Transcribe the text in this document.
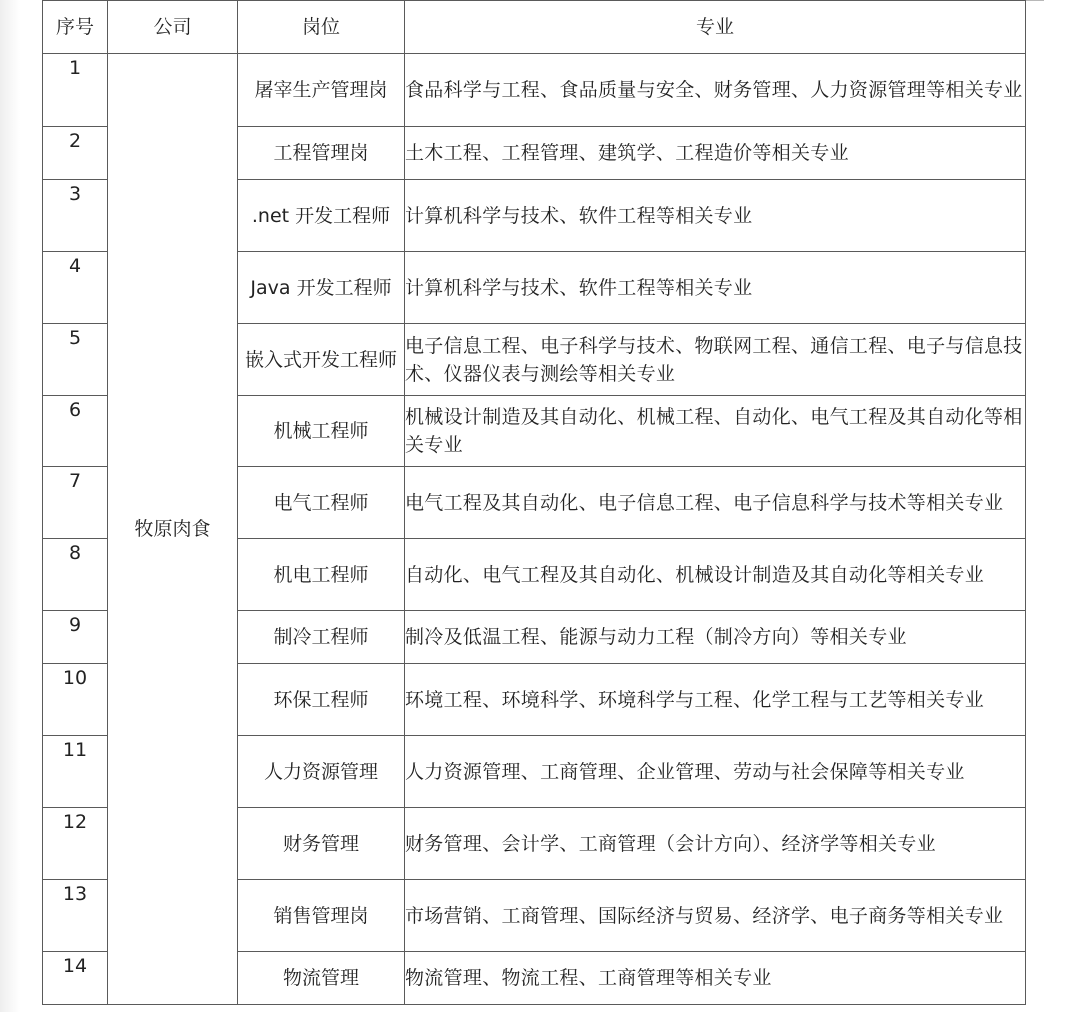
序号	公司	岗位	专业
1	牧原肉食	屠宰生产管理岗	食品科学与工程、食品质量与安全、财务管理、人力资源管理等相关专业
2		工程管理岗	土木工程、工程管理、建筑学、工程造价等相关专业
3		.net 开发工程师	计算机科学与技术、软件工程等相关专业
4		Java 开发工程师	计算机科学与技术、软件工程等相关专业
5		嵌入式开发工程师	电子信息工程、电子科学与技术、物联网工程、通信工程、电子与信息技术、仪器仪表与测绘等相关专业
6		机械工程师	机械设计制造及其自动化、机械工程、自动化、电气工程及其自动化等相关专业
7		电气工程师	电气工程及其自动化、电子信息工程、电子信息科学与技术等相关专业
8		机电工程师	自动化、电气工程及其自动化、机械设计制造及其自动化等相关专业
9		制冷工程师	制冷及低温工程、能源与动力工程（制冷方向）等相关专业
10		环保工程师	环境工程、环境科学、环境科学与工程、化学工程与工艺等相关专业
11		人力资源管理	人力资源管理、工商管理、企业管理、劳动与社会保障等相关专业
12		财务管理	财务管理、会计学、工商管理（会计方向）、经济学等相关专业
13		销售管理岗	市场营销、工商管理、国际经济与贸易、经济学、电子商务等相关专业
14		物流管理	物流管理、物流工程、工商管理等相关专业
